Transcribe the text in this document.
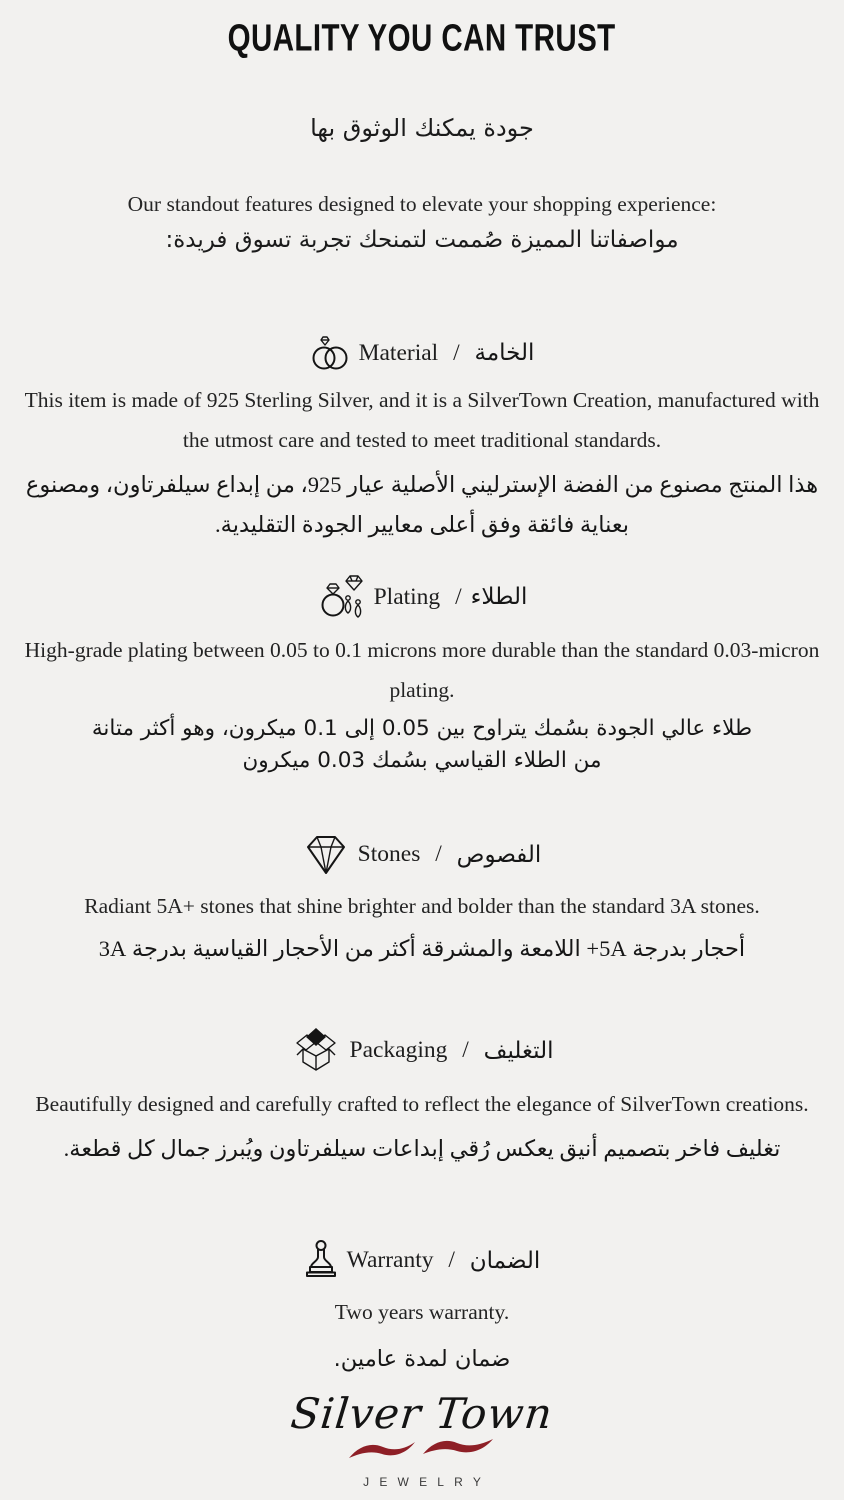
QUALITY YOU CAN TRUST

جودة يمكنك الوثوق بها

Our standout features designed to elevate your shopping experience:

مواصفاتنا المميزة صُممت لتمنحك تجربة تسوق فريدة:

Material / الخامة

This item is made of 925 Sterling Silver, and it is a SilverTown Creation, manufactured with the utmost care and tested to meet traditional standards.

هذا المنتج مصنوع من الفضة الإسترليني الأصلية عيار 925، من إبداع سيلفرتاون، ومصنوع بعناية فائقة وفق أعلى معايير الجودة التقليدية.

Plating / الطلاء

High-grade plating between 0.05 to 0.1 microns more durable than the standard 0.03-micron plating.

طلاء عالي الجودة بسُمك يتراوح بين 0.05 إلى 0.1 ميكرون، وهو أكثر متانة من الطلاء القياسي بسُمك 0.03 ميكرون

Stones / الفصوص

Radiant 5A+ stones that shine brighter and bolder than the standard 3A stones.

أحجار بدرجة 5A+ اللامعة والمشرقة أكثر من الأحجار القياسية بدرجة 3A

Packaging / التغليف

Beautifully designed and carefully crafted to reflect the elegance of SilverTown creations.

تغليف فاخر بتصميم أنيق يعكس رُقي إبداعات سيلفرتاون ويُبرز جمال كل قطعة.

Warranty / الضمان

Two years warranty.

ضمان لمدة عامين.

Silver Town
JEWELRY
